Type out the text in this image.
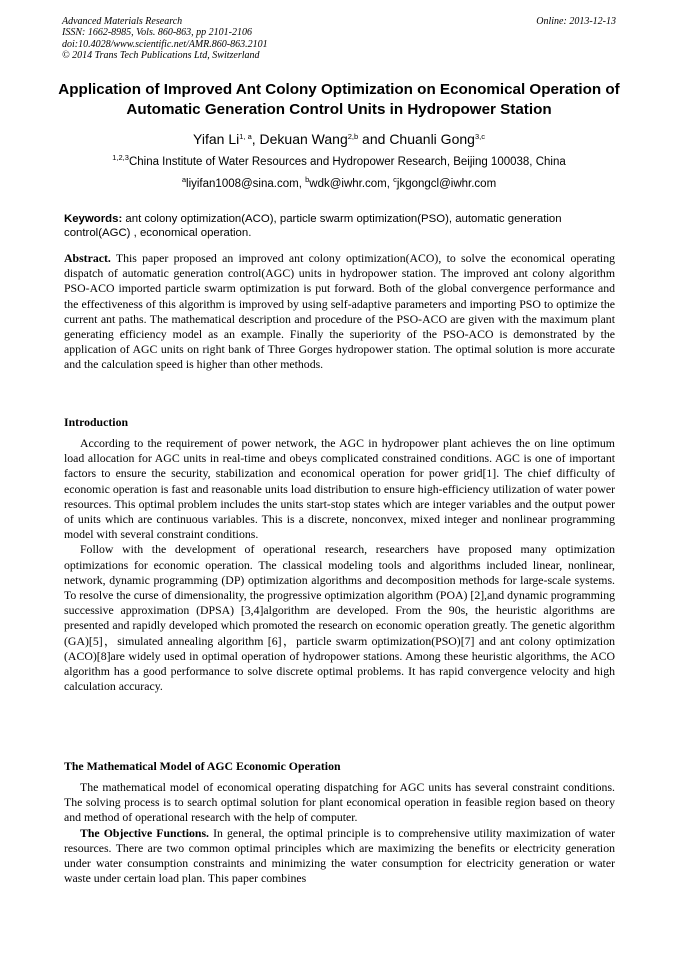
Advanced Materials Research
ISSN: 1662-8985, Vols. 860-863, pp 2101-2106
doi:10.4028/www.scientific.net/AMR.860-863.2101
© 2014 Trans Tech Publications Ltd, Switzerland
Online: 2013-12-13
Application of Improved Ant Colony Optimization on Economical Operation of Automatic Generation Control Units in Hydropower Station
Yifan Li$^{1, a}$, Dekuan Wang$^{2,b}$ and Chuanli Gong$^{3,c}$
$^{1,2,3}$China Institute of Water Resources and Hydropower Research, Beijing 100038, China
$^a$liyifan1008@sina.com, $^b$wdk@iwhr.com, $^c$jkgongcl@iwhr.com
Keywords: ant colony optimization(ACO), particle swarm optimization(PSO), automatic generation control(AGC) , economical operation.

Abstract. This paper proposed an improved ant colony optimization(ACO), to solve the economical operating dispatch of automatic generation control(AGC) units in hydropower station. The improved ant colony algorithm PSO-ACO imported particle swarm optimization is put forward. Both of the global convergence performance and the effectiveness of this algorithm is improved by using self-adaptive parameters and importing PSO to optimize the current ant paths. The mathematical description and procedure of the PSO-ACO are given with the maximum plant generating efficiency model as an example. Finally the superiority of the PSO-ACO is demonstrated by the application of AGC units on right bank of Three Gorges hydropower station. The optimal solution is more accurate and the calculation speed is higher than other methods.

Introduction

According to the requirement of power network, the AGC in hydropower plant achieves the on line optimum load allocation for AGC units in real-time and obeys complicated constrained conditions. AGC is one of important factors to ensure the security, stabilization and economical operation for power grid[1]. The chief difficulty of economic operation is fast and reasonable units load distribution to ensure high-efficiency utilization of water power resources. This optimal problem includes the units start-stop states which are integer variables and the output power of units which are continuous variables. This is a discrete, nonconvex, mixed integer and nonlinear programming model with several constraint conditions.

Follow with the development of operational research, researchers have proposed many optimization optimizations for economic operation. The classical modeling tools and algorithms included linear, nonlinear, network, dynamic programming (DP) optimization algorithms and decomposition methods for large-scale systems. To resolve the curse of dimensionality, the progressive optimization algorithm (POA) [2],and dynamic programming successive approximation (DPSA) [3,4]algorithm are developed. From the 90s, the heuristic algorithms are presented and rapidly developed which promoted the research on economic operation greatly. The genetic algorithm (GA)[5]，simulated annealing algorithm [6]，particle swarm optimization(PSO)[7] and ant colony optimization (ACO)[8]are widely used in optimal operation of hydropower stations. Among these heuristic algorithms, the ACO algorithm has a good performance to solve discrete optimal problems. It has rapid convergence velocity and high calculation accuracy.

The Mathematical Model of AGC Economic Operation

The mathematical model of economical operating dispatching for AGC units has several constraint conditions. The solving process is to search optimal solution for plant economical operation in feasible region based on theory and method of operational research with the help of computer.

The Objective Functions. In general, the optimal principle is to comprehensive utility maximization of water resources. There are two common optimal principles which are maximizing the benefits or electricity generation under water consumption constraints and minimizing the water consumption for electricity generation or water waste under certain load plan. This paper combines
